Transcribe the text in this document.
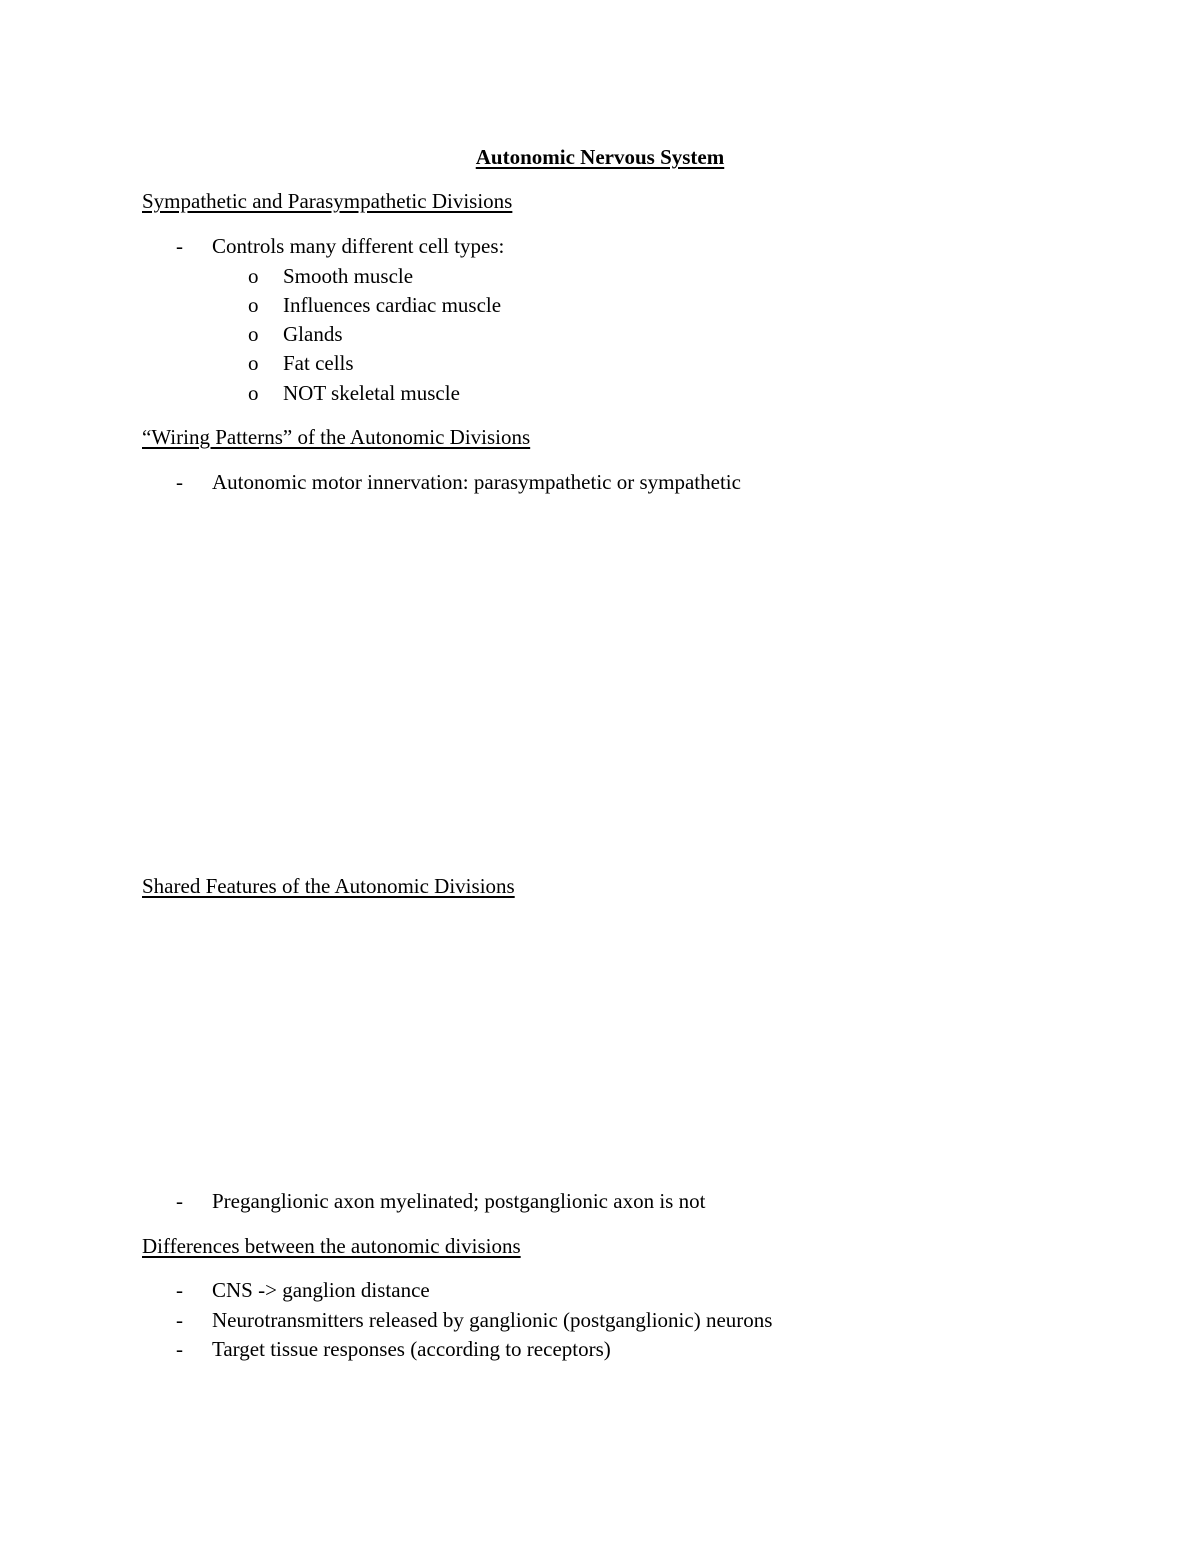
Autonomic Nervous System
Sympathetic and Parasympathetic Divisions
- Controls many different cell types:
o Smooth muscle
o Influences cardiac muscle
o Glands
o Fat cells
o NOT skeletal muscle
“Wiring Patterns” of the Autonomic Divisions
- Autonomic motor innervation: parasympathetic or sympathetic
Shared Features of the Autonomic Divisions
- Preganglionic axon myelinated; postganglionic axon is not
Differences between the autonomic divisions
- CNS -> ganglion distance
- Neurotransmitters released by ganglionic (postganglionic) neurons
- Target tissue responses (according to receptors)
